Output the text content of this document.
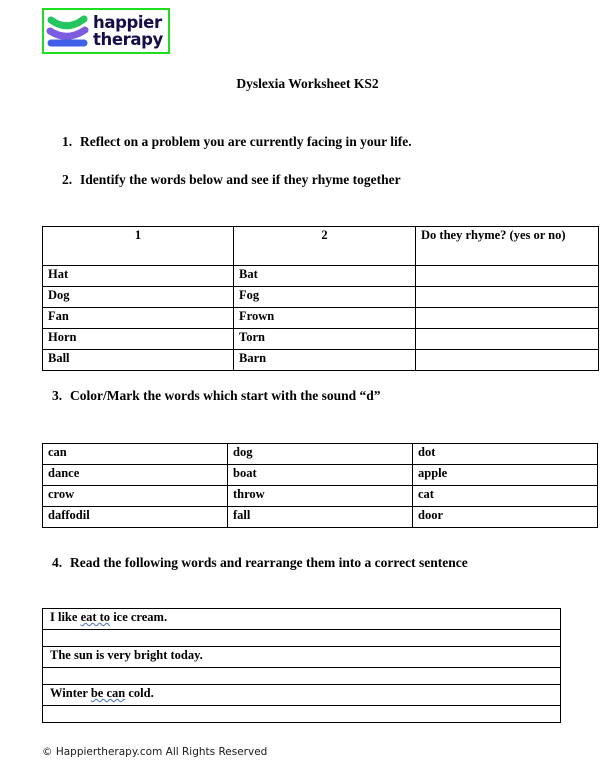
happier
therapy
Dyslexia Worksheet KS2
1. Reflect on a problem you are currently facing in your life.
2. Identify the words below and see if they rhyme together
3. Color/Mark the words which start with the sound “d”
4. Read the following words and rearrange them into a correct sentence
1	2	Do they rhyme? (yes or no)
Hat	Bat	
Dog	Fog	
Fan	Frown	
Horn	Torn	
Ball	Barn	
can	dog	dot
dance	boat	apple
crow	throw	cat
daffodil	fall	door
I like eat to ice cream.

The sun is very bright today.

Winter be can cold.

© Happiertherapy.com All Rights Reserved
